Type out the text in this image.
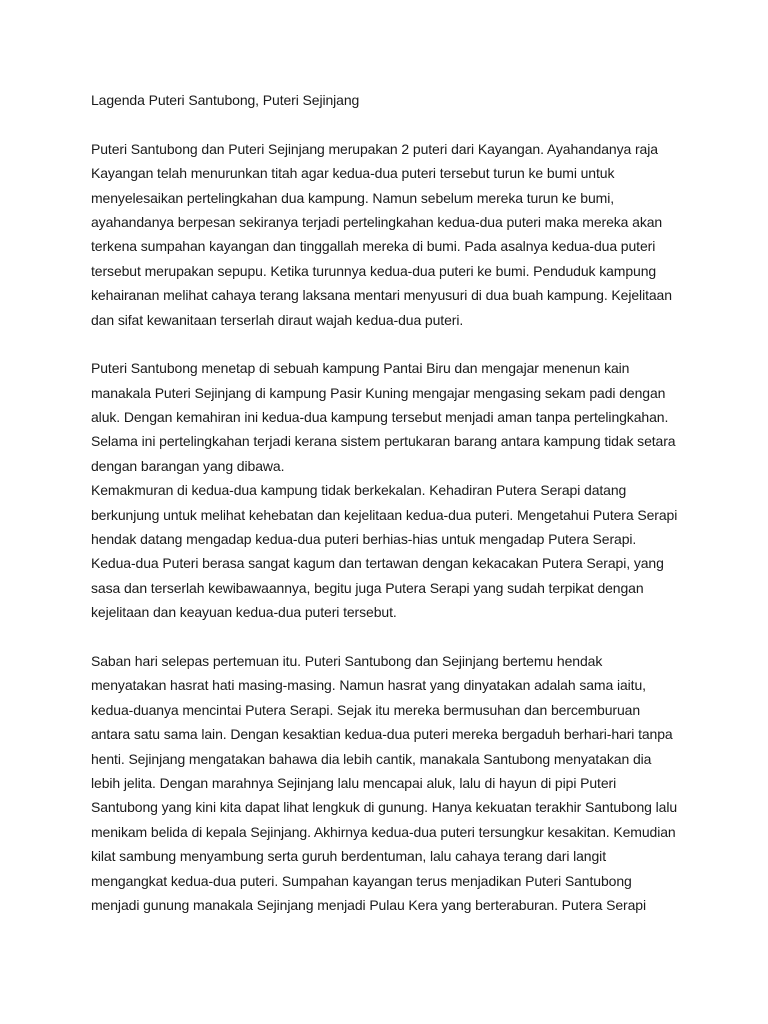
Lagenda Puteri Santubong, Puteri Sejinjang
Puteri Santubong dan Puteri Sejinjang merupakan 2 puteri dari Kayangan. Ayahandanya raja
Kayangan telah menurunkan titah agar kedua-dua puteri tersebut turun ke bumi untuk
menyelesaikan pertelingkahan dua kampung. Namun sebelum mereka turun ke bumi,
ayahandanya berpesan sekiranya terjadi pertelingkahan kedua-dua puteri maka mereka akan
terkena sumpahan kayangan dan tinggallah mereka di bumi. Pada asalnya kedua-dua puteri
tersebut merupakan sepupu. Ketika turunnya kedua-dua puteri ke bumi. Penduduk kampung
kehairanan melihat cahaya terang laksana mentari menyusuri di dua buah kampung. Kejelitaan
dan sifat kewanitaan terserlah diraut wajah kedua-dua puteri.
Puteri Santubong menetap di sebuah kampung Pantai Biru dan mengajar menenun kain
manakala Puteri Sejinjang di kampung Pasir Kuning mengajar mengasing sekam padi dengan
aluk. Dengan kemahiran ini kedua-dua kampung tersebut menjadi aman tanpa pertelingkahan.
Selama ini pertelingkahan terjadi kerana sistem pertukaran barang antara kampung tidak setara
dengan barangan yang dibawa.
Kemakmuran di kedua-dua kampung tidak berkekalan. Kehadiran Putera Serapi datang
berkunjung untuk melihat kehebatan dan kejelitaan kedua-dua puteri. Mengetahui Putera Serapi
hendak datang mengadap kedua-dua puteri berhias-hias untuk mengadap Putera Serapi.
Kedua-dua Puteri berasa sangat kagum dan tertawan dengan kekacakan Putera Serapi, yang
sasa dan terserlah kewibawaannya, begitu juga Putera Serapi yang sudah terpikat dengan
kejelitaan dan keayuan kedua-dua puteri tersebut.
Saban hari selepas pertemuan itu. Puteri Santubong dan Sejinjang bertemu hendak
menyatakan hasrat hati masing-masing. Namun hasrat yang dinyatakan adalah sama iaitu,
kedua-duanya mencintai Putera Serapi. Sejak itu mereka bermusuhan dan bercemburuan
antara satu sama lain. Dengan kesaktian kedua-dua puteri mereka bergaduh berhari-hari tanpa
henti. Sejinjang mengatakan bahawa dia lebih cantik, manakala Santubong menyatakan dia
lebih jelita. Dengan marahnya Sejinjang lalu mencapai aluk, lalu di hayun di pipi Puteri
Santubong yang kini kita dapat lihat lengkuk di gunung. Hanya kekuatan terakhir Santubong lalu
menikam belida di kepala Sejinjang. Akhirnya kedua-dua puteri tersungkur kesakitan. Kemudian
kilat sambung menyambung serta guruh berdentuman, lalu cahaya terang dari langit
mengangkat kedua-dua puteri. Sumpahan kayangan terus menjadikan Puteri Santubong
menjadi gunung manakala Sejinjang menjadi Pulau Kera yang berteraburan. Putera Serapi
